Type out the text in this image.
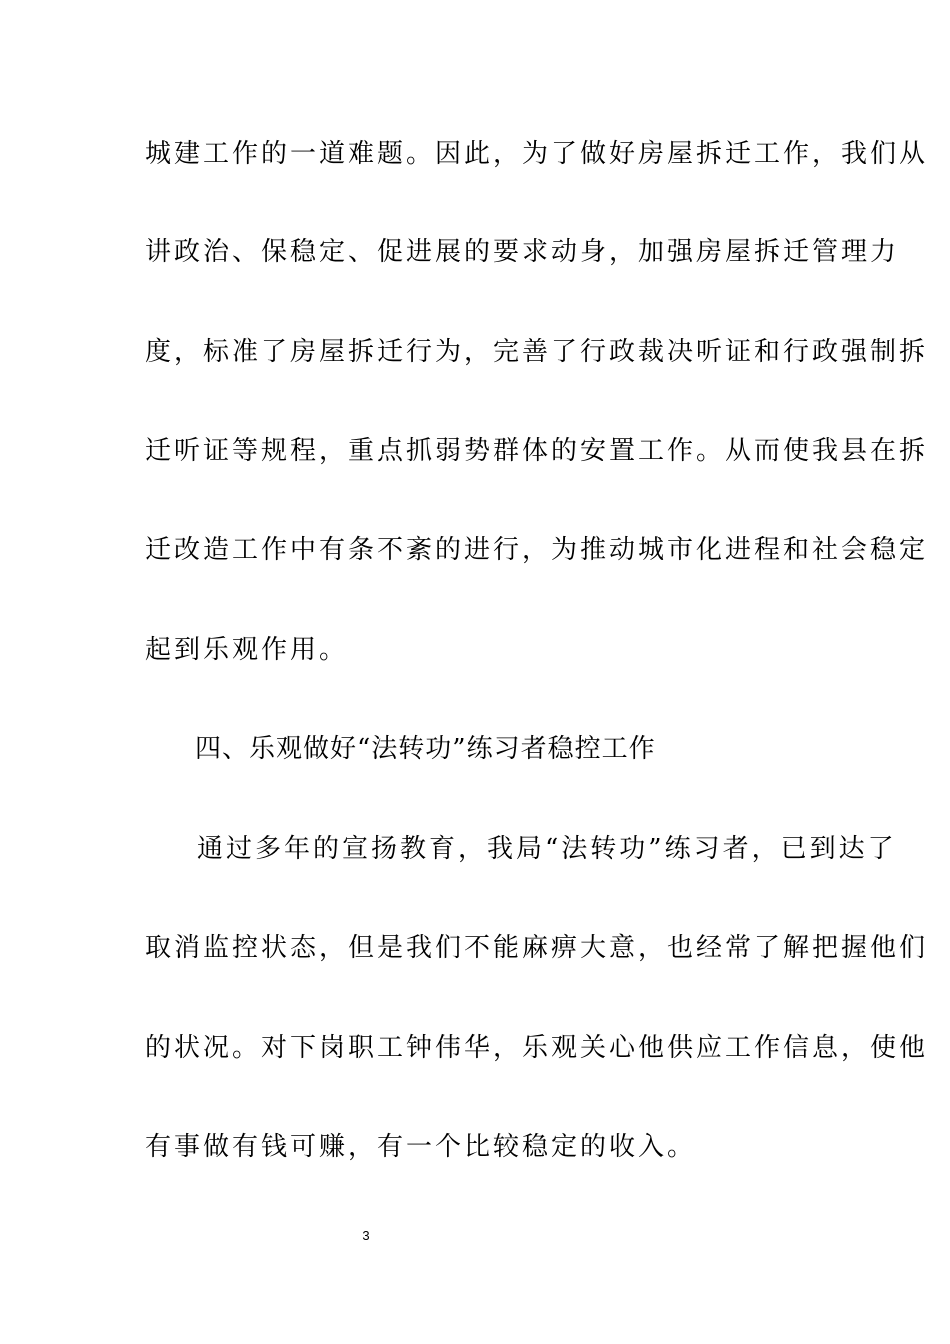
城建工作的一道难题。因此，为了做好房屋拆迁工作，我们从
讲政治、保稳定、促进展的要求动身，加强房屋拆迁管理力
度，标准了房屋拆迁行为，完善了行政裁决听证和行政强制拆
迁听证等规程，重点抓弱势群体的安置工作。从而使我县在拆
迁改造工作中有条不紊的进行，为推动城市化进程和社会稳定
起到乐观作用。
四、乐观做好“法转功”练习者稳控工作
通过多年的宣扬教育，我局“法转功”练习者，已到达了
取消监控状态，但是我们不能麻痹大意，也经常了解把握他们
的状况。对下岗职工钟伟华，乐观关心他供应工作信息，使他
有事做有钱可赚，有一个比较稳定的收入。
3
